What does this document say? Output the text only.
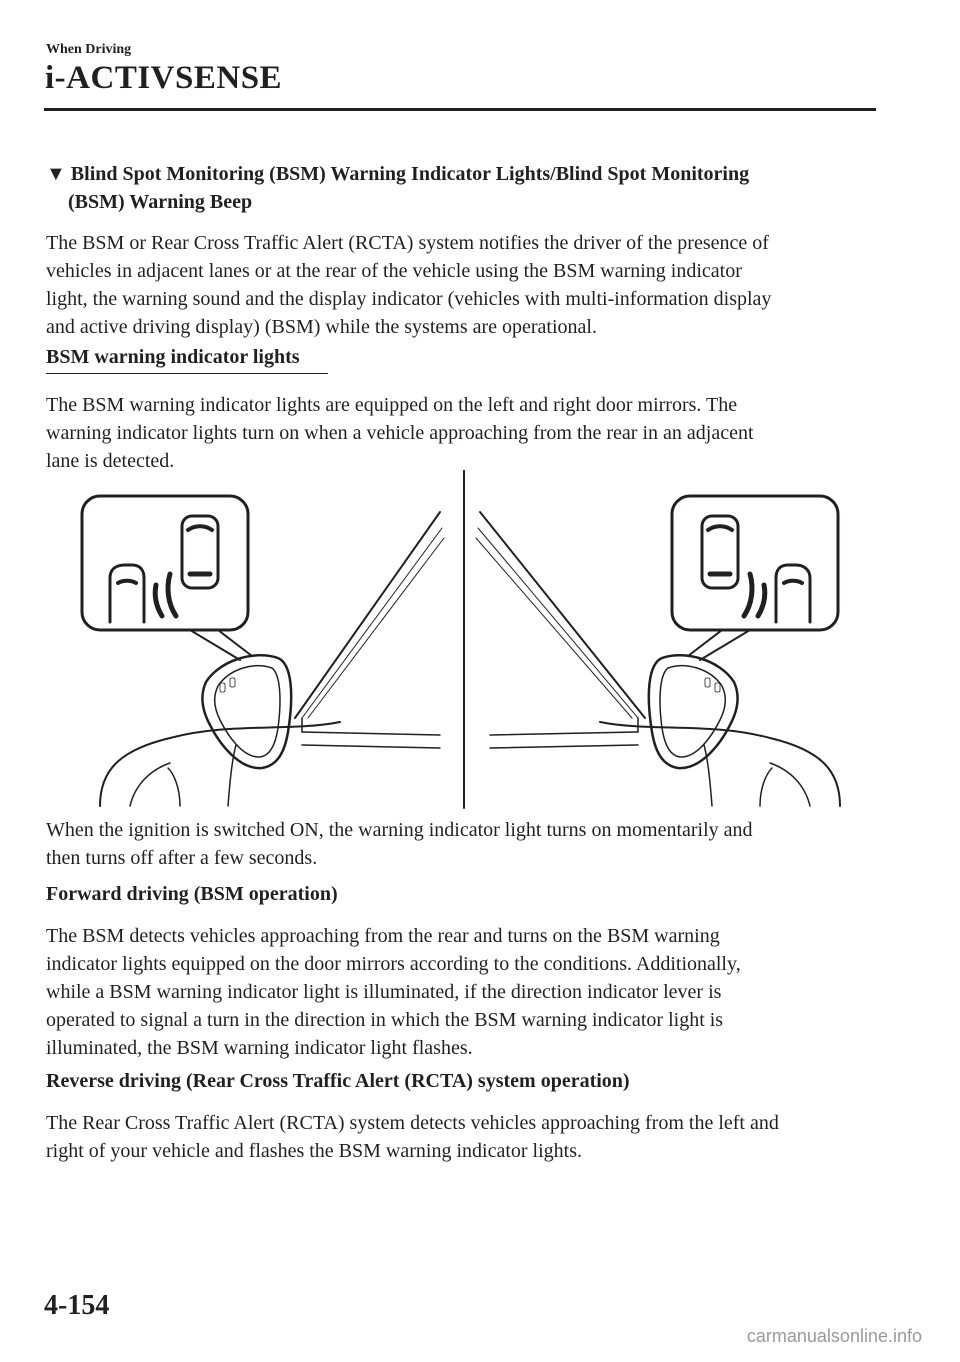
When Driving
i-ACTIVSENSE
▼ Blind Spot Monitoring (BSM) Warning Indicator Lights/Blind Spot Monitoring
(BSM) Warning Beep
The BSM or Rear Cross Traffic Alert (RCTA) system notifies the driver of the presence of
vehicles in adjacent lanes or at the rear of the vehicle using the BSM warning indicator
light, the warning sound and the display indicator (vehicles with multi-information display
and active driving display) (BSM) while the systems are operational.
BSM warning indicator lights
The BSM warning indicator lights are equipped on the left and right door mirrors. The
warning indicator lights turn on when a vehicle approaching from the rear in an adjacent
lane is detected.
When the ignition is switched ON, the warning indicator light turns on momentarily and
then turns off after a few seconds.
Forward driving (BSM operation)
The BSM detects vehicles approaching from the rear and turns on the BSM warning
indicator lights equipped on the door mirrors according to the conditions. Additionally,
while a BSM warning indicator light is illuminated, if the direction indicator lever is
operated to signal a turn in the direction in which the BSM warning indicator light is
illuminated, the BSM warning indicator light flashes.
Reverse driving (Rear Cross Traffic Alert (RCTA) system operation)
The Rear Cross Traffic Alert (RCTA) system detects vehicles approaching from the left and
right of your vehicle and flashes the BSM warning indicator lights.
4-154
carmanualsonline.info
